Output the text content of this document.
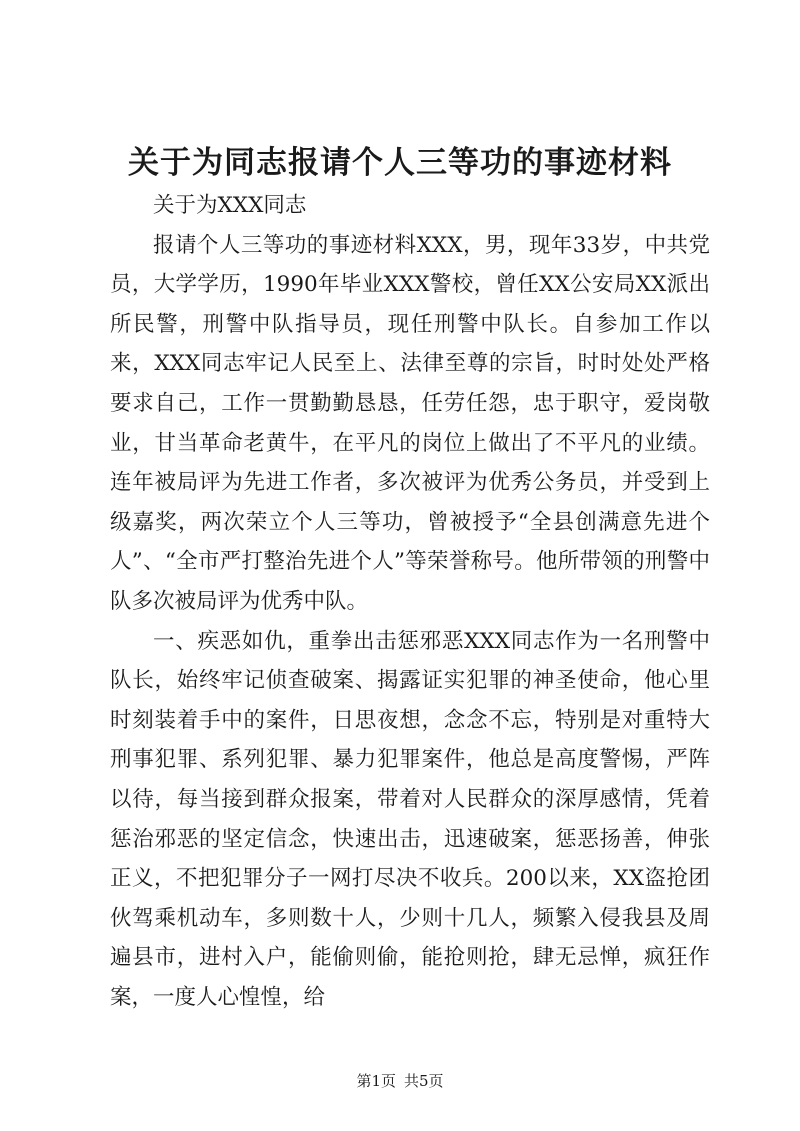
关于为同志报请个人三等功的事迹材料

关于为XXX同志

报请个人三等功的事迹材料XXX，男，现年33岁，中共党员，大学学历，1990年毕业XXX警校，曾任XX公安局XX派出所民警，刑警中队指导员，现任刑警中队长。自参加工作以来，XXX同志牢记人民至上、法律至尊的宗旨，时时处处严格要求自己，工作一贯勤勤恳恳，任劳任怨，忠于职守，爱岗敬业，甘当革命老黄牛，在平凡的岗位上做出了不平凡的业绩。连年被局评为先进工作者，多次被评为优秀公务员，并受到上级嘉奖，两次荣立个人三等功，曾被授予“全县创满意先进个人”、“全市严打整治先进个人”等荣誉称号。他所带领的刑警中队多次被局评为优秀中队。

一、疾恶如仇，重拳出击惩邪恶XXX同志作为一名刑警中队长，始终牢记侦查破案、揭露证实犯罪的神圣使命，他心里时刻装着手中的案件，日思夜想，念念不忘，特别是对重特大刑事犯罪、系列犯罪、暴力犯罪案件，他总是高度警惕，严阵以待，每当接到群众报案，带着对人民群众的深厚感情，凭着惩治邪恶的坚定信念，快速出击，迅速破案，惩恶扬善，伸张正义，不把犯罪分子一网打尽决不收兵。200以来，XX盗抢团伙驾乘机动车，多则数十人，少则十几人，频繁入侵我县及周遍县市，进村入户，能偷则偷，能抢则抢，肆无忌惮，疯狂作案，一度人心惶惶，给

第1页 共5页
